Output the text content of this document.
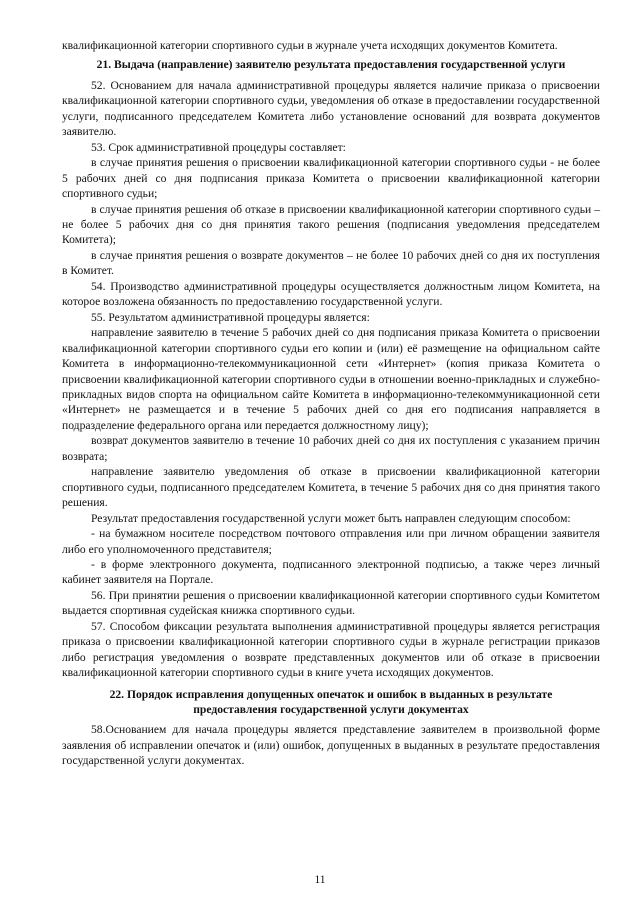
квалификационной категории спортивного судьи в журнале учета исходящих документов Комитета.

21. Выдача (направление) заявителю результата предоставления государственной услуги

52. Основанием для начала административной процедуры является наличие приказа о присвоении квалификационной категории спортивного судьи, уведомления об отказе в предоставлении государственной услуги, подписанного председателем Комитета либо установление оснований для возврата документов заявителю.

53. Срок административной процедуры составляет:

в случае принятия решения о присвоении квалификационной категории спортивного судьи - не более 5 рабочих дней со дня подписания приказа Комитета о присвоении квалификационной категории спортивного судьи;

в случае принятия решения об отказе в присвоении квалификационной категории спортивного судьи – не более 5 рабочих дня со дня принятия такого решения (подписания уведомления председателем Комитета);

в случае принятия решения о возврате документов – не более 10 рабочих дней со дня их поступления в Комитет.

54. Производство административной процедуры осуществляется должностным лицом Комитета, на которое возложена обязанность по предоставлению государственной услуги.

55. Результатом административной процедуры является:

направление заявителю в течение 5 рабочих дней со дня подписания приказа Комитета о присвоении квалификационной категории спортивного судьи его копии и (или) её размещение на официальном сайте Комитета в информационно-телекоммуникационной сети «Интернет» (копия приказа Комитета о присвоении квалификационной категории спортивного судьи в отношении военно-прикладных и служебно-прикладных видов спорта на официальном сайте Комитета в информационно-телекоммуникационной сети «Интернет» не размещается и в течение 5 рабочих дней со дня его подписания направляется в подразделение федерального органа или передается должностному лицу);

возврат документов заявителю в течение 10 рабочих дней со дня их поступления с указанием причин возврата;

направление заявителю уведомления об отказе в присвоении квалификационной категории спортивного судьи, подписанного председателем Комитета, в течение 5 рабочих дня со дня принятия такого решения.

Результат предоставления государственной услуги может быть направлен следующим способом:

- на бумажном носителе посредством почтового отправления или при личном обращении заявителя либо его уполномоченного представителя;

- в форме электронного документа, подписанного электронной подписью, а также через личный кабинет заявителя на Портале.

56. При принятии решения о присвоении квалификационной категории спортивного судьи Комитетом выдается спортивная судейская книжка спортивного судьи.

57. Способом фиксации результата выполнения административной процедуры является регистрация приказа о присвоении квалификационной категории спортивного судьи в журнале регистрации приказов либо регистрация уведомления о возврате представленных документов или об отказе в присвоении квалификационной категории спортивного судьи в книге учета исходящих документов.

22. Порядок исправления допущенных опечаток и ошибок в выданных в результате
предоставления государственной услуги документах

58.Основанием для начала процедуры является представление заявителем в произвольной форме заявления об исправлении опечаток и (или) ошибок, допущенных в выданных в результате предоставления государственной услуги документах.

11
